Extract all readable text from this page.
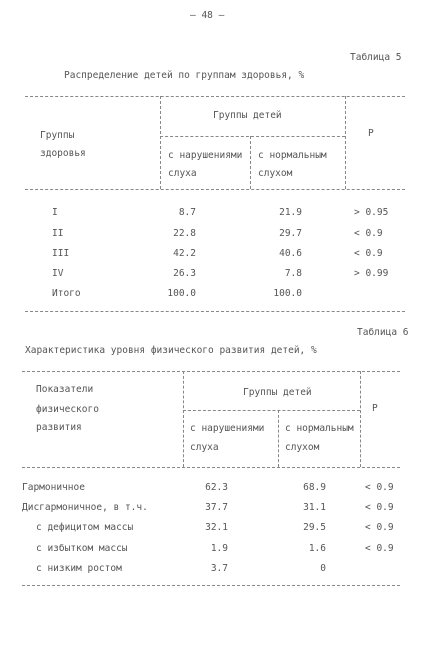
— 48 —
Таблица 5
Распределение детей по группам здоровья, %
Группы
здоровья
Группы детей
с нарушениями
слуха
с нормальным
слухом
P
I	8.7	21.9	> 0.95
II	22.8	29.7	< 0.9
III	42.2	40.6	< 0.9
IV	26.3	7.8	> 0.99
Итого	100.0	100.0
Таблица 6
Характеристика уровня физического развития детей, %
Показатели
физического
развития
Группы детей
с нарушениями
слуха
с нормальным
слухом
P
Гармоничное	62.3	68.9	< 0.9
Дисгармоничное, в т.ч.	37.7	31.1	< 0.9
с дефицитом массы	32.1	29.5	< 0.9
с избытком массы	1.9	1.6	< 0.9
с низким ростом	3.7	0
